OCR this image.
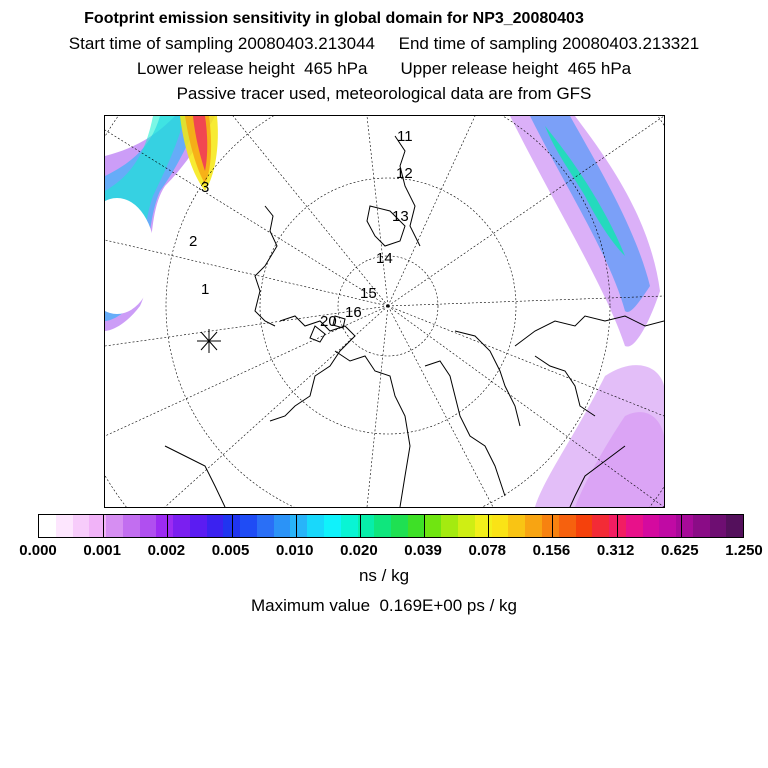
Footprint emission sensitivity in global domain for NP3_20080403
Start time of sampling 20080403.213044     End time of sampling 20080403.213321
Lower release height  465 hPa       Upper release height  465 hPa
Passive tracer used, meteorological data are from GFS
1
2
3
11
12
13
14
15
16
20
0.000 0.001 0.002 0.005 0.010 0.020 0.039 0.078 0.156 0.312 0.625 1.250
ns / kg
Maximum value  0.169E+00 ps / kg
